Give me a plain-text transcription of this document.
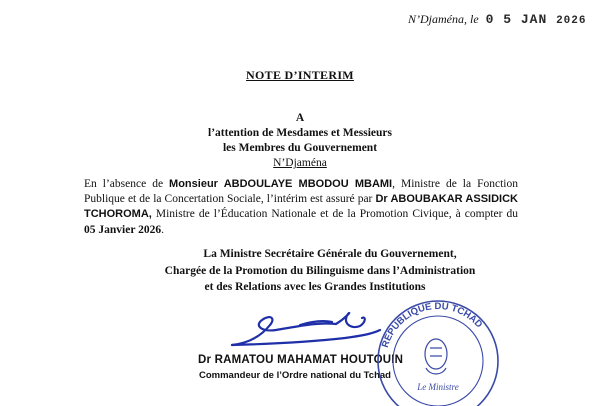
N’Djaména, le 0 5 JAN 2026
NOTE D’INTERIM
A
l’attention de Mesdames et Messieurs
les Membres du Gouvernement
N’Djaména
En l’absence de Monsieur ABDOULAYE MBODOU MBAMI, Ministre de la Fonction Publique et de la Concertation Sociale, l’intérim est assuré par Dr ABOUBAKAR ASSIDICK TCHOROMA, Ministre de l’Éducation Nationale et de la Promotion Civique, à compter du 05 Janvier 2026.
La Ministre Secrétaire Générale du Gouvernement,
Chargée de la Promotion du Bilinguisme dans l’Administration
et des Relations avec les Grandes Institutions
Dr RAMATOU MAHAMAT HOUTOUIN
Commandeur de l’Ordre national du Tchad
REPUBLIQUE DU TCHAD
Le Ministre
